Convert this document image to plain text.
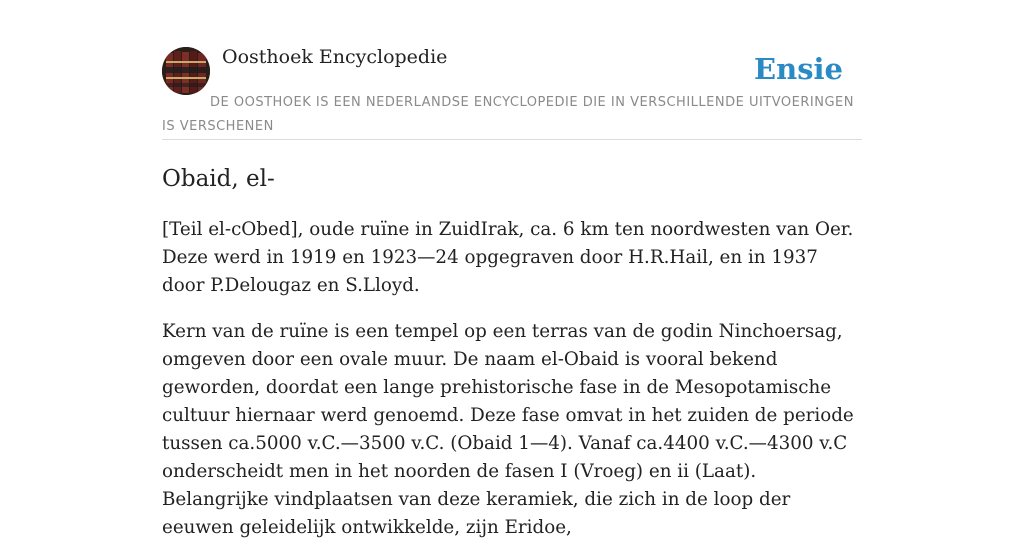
Oosthoek Encyclopedie	Ensie
DE OOSTHOEK IS EEN NEDERLANDSE ENCYCLOPEDIE DIE IN VERSCHILLENDE UITVOERINGEN IS VERSCHENEN
Obaid, el-

[Teil el-cObed], oude ruïne in ZuidIrak, ca. 6 km ten noordwesten van Oer. Deze werd in 1919 en 1923—24 opgegraven door H.R.Hail, en in 1937 door P.Delougaz en S.Lloyd.

Kern van de ruïne is een tempel op een terras van de godin Ninchoersag, omgeven door een ovale muur. De naam el-Obaid is vooral bekend geworden, doordat een lange prehistorische fase in de Mesopotamische cultuur hiernaar werd genoemd. Deze fase omvat in het zuiden de periode tussen ca.5000 v.C.—3500 v.C. (Obaid 1—4). Vanaf ca.4400 v.C.—4300 v.C onderscheidt men in het noorden de fasen I (Vroeg) en ii (Laat). Belangrijke vindplaatsen van deze keramiek, die zich in de loop der eeuwen geleidelijk ontwikkelde, zijn Eridoe,
